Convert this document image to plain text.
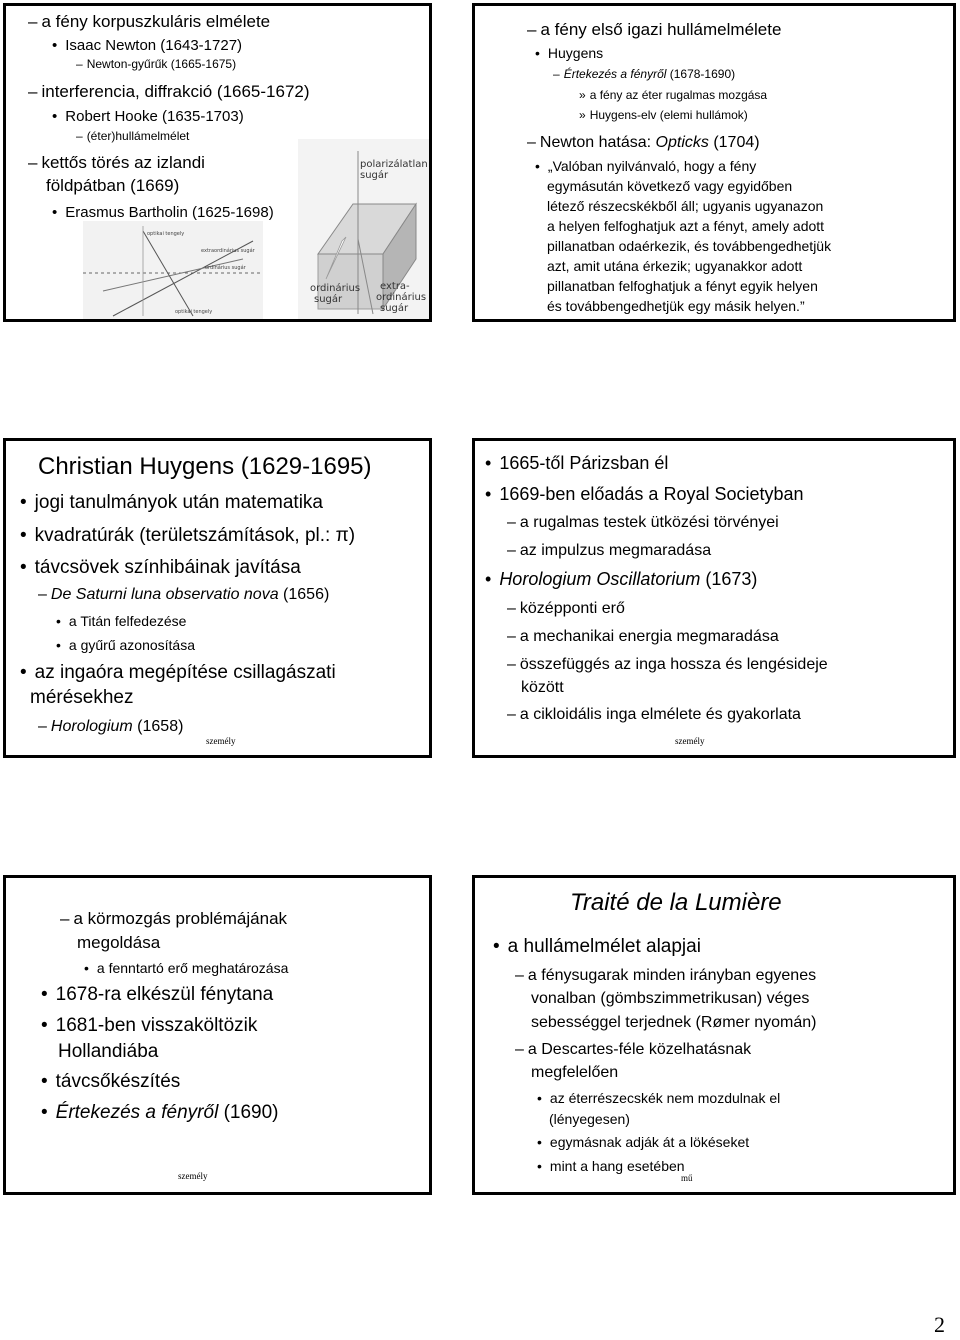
– a fény korpuszkuláris elmélete
• Isaac Newton (1643-1727)
– Newton-gyűrűk (1665-1675)
– interferencia, diffrakció (1665-1672)
• Robert Hooke (1635-1703)
– (éter)hullámelmélet
– kettős törés az izlandi
földpátban (1669)
• Erasmus Bartholin (1625-1698)
optikai tengely
extraordinárius sugár
ordinárius sugár
optikai tengely
polarizálatlan
sugár
ordinárius
sugár
extra-
ordinárius
sugár
– a fény első igazi hullámelmélete
• Huygens
– Értekezés a fényről (1678-1690)
» a fény az éter rugalmas mozgása
» Huygens-elv (elemi hullámok)
– Newton hatása: Opticks (1704)
• „Valóban nyilvánvaló, hogy a fény
egymásután következő vagy egyidőben
létező részecskékből áll; ugyanis ugyanazon
a helyen felfoghatjuk azt a fényt, amely adott
pillanatban odaérkezik, és továbbengedhetjük
azt, amit utána érkezik; ugyanakkor adott
pillanatban felfoghatjuk a fényt egyik helyen
és továbbengedhetjük egy másik helyen.”
Christian Huygens (1629-1695)
• jogi tanulmányok után matematika
• kvadratúrák (területszámítások, pl.: π)
• távcsövek színhibáinak javítása
– De Saturni luna observatio nova (1656)
• a Titán felfedezése
• a gyűrű azonosítása
• az ingaóra megépítése csillagászati
mérésekhez
– Horologium (1658)
személy
• 1665-től Párizsban él
• 1669-ben előadás a Royal Societyban
– a rugalmas testek ütközési törvényei
– az impulzus megmaradása
• Horologium Oscillatorium (1673)
– középponti erő
– a mechanikai energia megmaradása
– összefüggés az inga hossza és lengésideje
között
– a cikloidális inga elmélete és gyakorlata
személy
– a körmozgás problémájának
megoldása
• a fenntartó erő meghatározása
• 1678-ra elkészül fénytana
• 1681-ben visszaköltözik
Hollandiába
• távcsőkészítés
• Értekezés a fényről (1690)
személy
Traité de la Lumière
• a hullámelmélet alapjai
– a fénysugarak minden irányban egyenes
vonalban (gömbszimmetrikusan) véges
sebességgel terjednek (Rømer nyomán)
– a Descartes-féle közelhatásnak
megfelelően
• az éterrészecskék nem mozdulnak el
(lényegesen)
• egymásnak adják át a lökéseket
• mint a hang esetében
mű
2
